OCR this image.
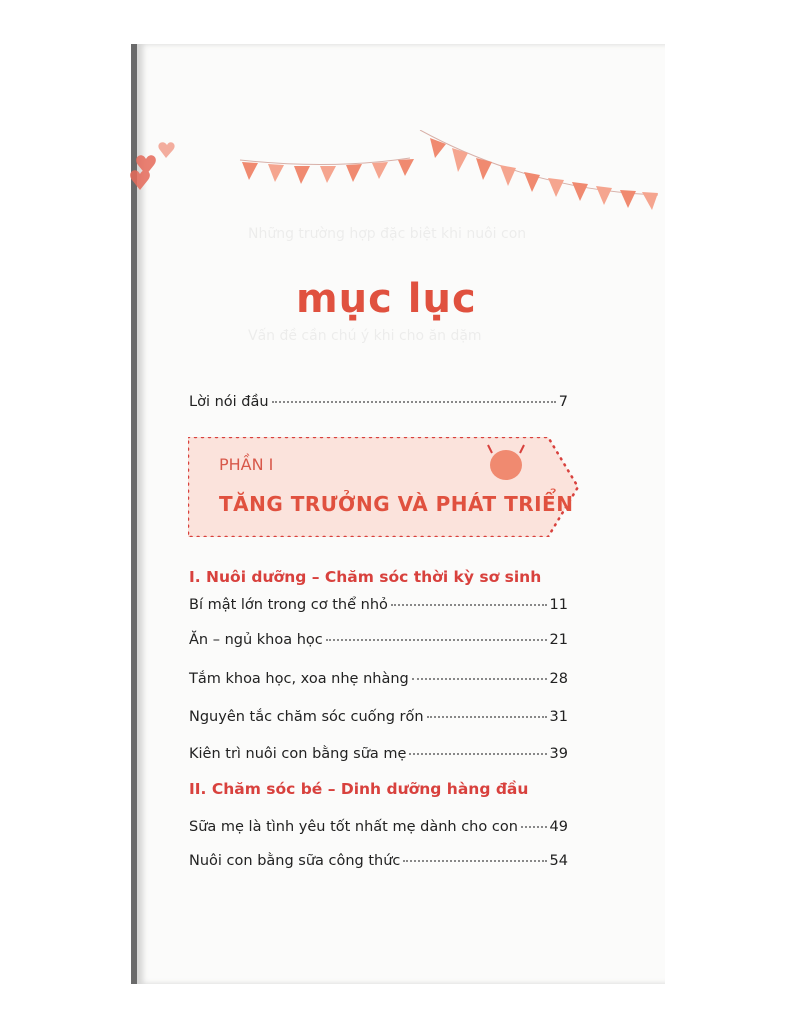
Những trường hợp đặc biệt khi nuôi con
Vấn đề cần chú ý khi cho ăn dặm
mục lục
Lời nói đầu	7
PHẦN I
TĂNG TRƯỞNG VÀ PHÁT TRIỂN
I. Nuôi dưỡng – Chăm sóc thời kỳ sơ sinh
Bí mật lớn trong cơ thể nhỏ	11
Ăn – ngủ khoa học	21
Tắm khoa học, xoa nhẹ nhàng	28
Nguyên tắc chăm sóc cuống rốn	31
Kiên trì nuôi con bằng sữa mẹ	39
II. Chăm sóc bé – Dinh dưỡng hàng đầu
Sữa mẹ là tình yêu tốt nhất mẹ dành cho con 49
Nuôi con bằng sữa công thức	54
